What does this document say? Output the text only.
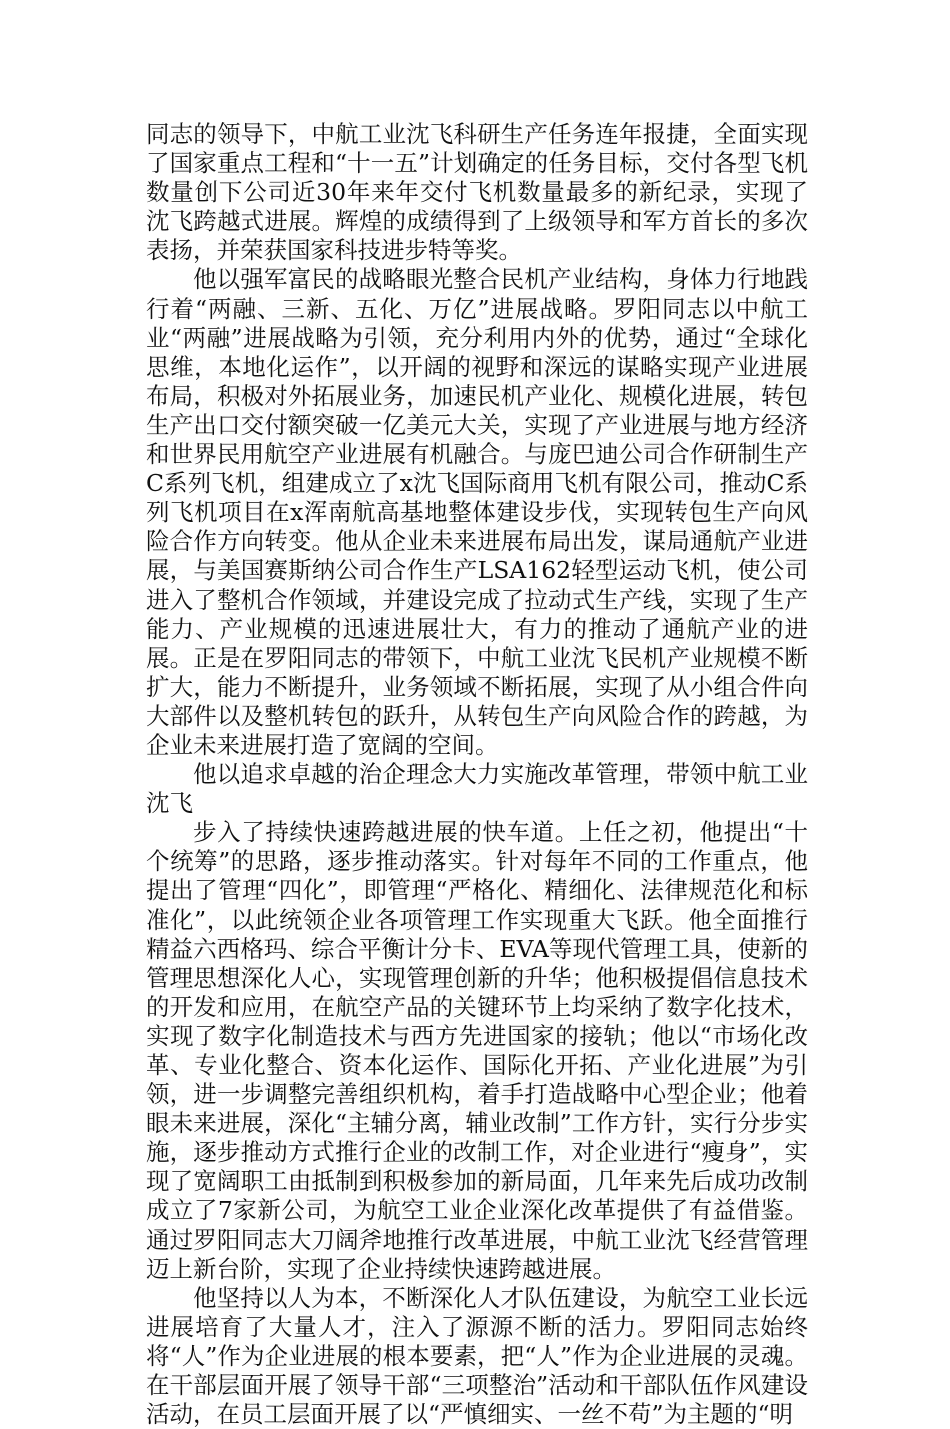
同志的领导下，中航工业沈飞科研生产任务连年报捷，全面实现了国家重点工程和“十一五”计划确定的任务目标，交付各型飞机数量创下公司近30年来年交付飞机数量最多的新纪录，实现了沈飞跨越式进展。辉煌的成绩得到了上级领导和军方首长的多次表扬，并荣获国家科技进步特等奖。

他以强军富民的战略眼光整合民机产业结构，身体力行地践行着“两融、三新、五化、万亿”进展战略。罗阳同志以中航工业“两融”进展战略为引领，充分利用内外的优势，通过“全球化思维，本地化运作”，以开阔的视野和深远的谋略实现产业进展布局，积极对外拓展业务，加速民机产业化、规模化进展，转包生产出口交付额突破一亿美元大关，实现了产业进展与地方经济和世界民用航空产业进展有机融合。与庞巴迪公司合作研制生产C系列飞机，组建成立了x沈飞国际商用飞机有限公司，推动C系列飞机项目在x浑南航高基地整体建设步伐，实现转包生产向风险合作方向转变。他从企业未来进展布局出发，谋局通航产业进展，与美国赛斯纳公司合作生产LSA162轻型运动飞机，使公司进入了整机合作领域，并建设完成了拉动式生产线，实现了生产能力、产业规模的迅速进展壮大，有力的推动了通航产业的进展。正是在罗阳同志的带领下，中航工业沈飞民机产业规模不断扩大，能力不断提升，业务领域不断拓展，实现了从小组合件向大部件以及整机转包的跃升，从转包生产向风险合作的跨越，为企业未来进展打造了宽阔的空间。

他以追求卓越的治企理念大力实施改革管理，带领中航工业沈飞

步入了持续快速跨越进展的快车道。上任之初，他提出“十个统筹”的思路，逐步推动落实。针对每年不同的工作重点，他提出了管理“四化”，即管理“严格化、精细化、法律规范化和标准化”，以此统领企业各项管理工作实现重大飞跃。他全面推行精益六西格玛、综合平衡计分卡、EVA等现代管理工具，使新的管理思想深化人心，实现管理创新的升华；他积极提倡信息技术的开发和应用，在航空产品的关键环节上均采纳了数字化技术，实现了数字化制造技术与西方先进国家的接轨；他以“市场化改革、专业化整合、资本化运作、国际化开拓、产业化进展”为引领，进一步调整完善组织机构，着手打造战略中心型企业；他着眼未来进展，深化“主辅分离，辅业改制”工作方针，实行分步实施，逐步推动方式推行企业的改制工作，对企业进行“瘦身”，实现了宽阔职工由抵制到积极参加的新局面，几年来先后成功改制成立了7家新公司，为航空工业企业深化改革提供了有益借鉴。通过罗阳同志大刀阔斧地推行改革进展，中航工业沈飞经营管理迈上新台阶，实现了企业持续快速跨越进展。

他坚持以人为本，不断深化人才队伍建设，为航空工业长远进展培育了大量人才，注入了源源不断的活力。罗阳同志始终将“人”作为企业进展的根本要素，把“人”作为企业进展的灵魂。在干部层面开展了领导干部“三项整治”活动和干部队伍作风建设活动，在员工层面开展了以“严慎细实、一丝不苟”为主题的“明
